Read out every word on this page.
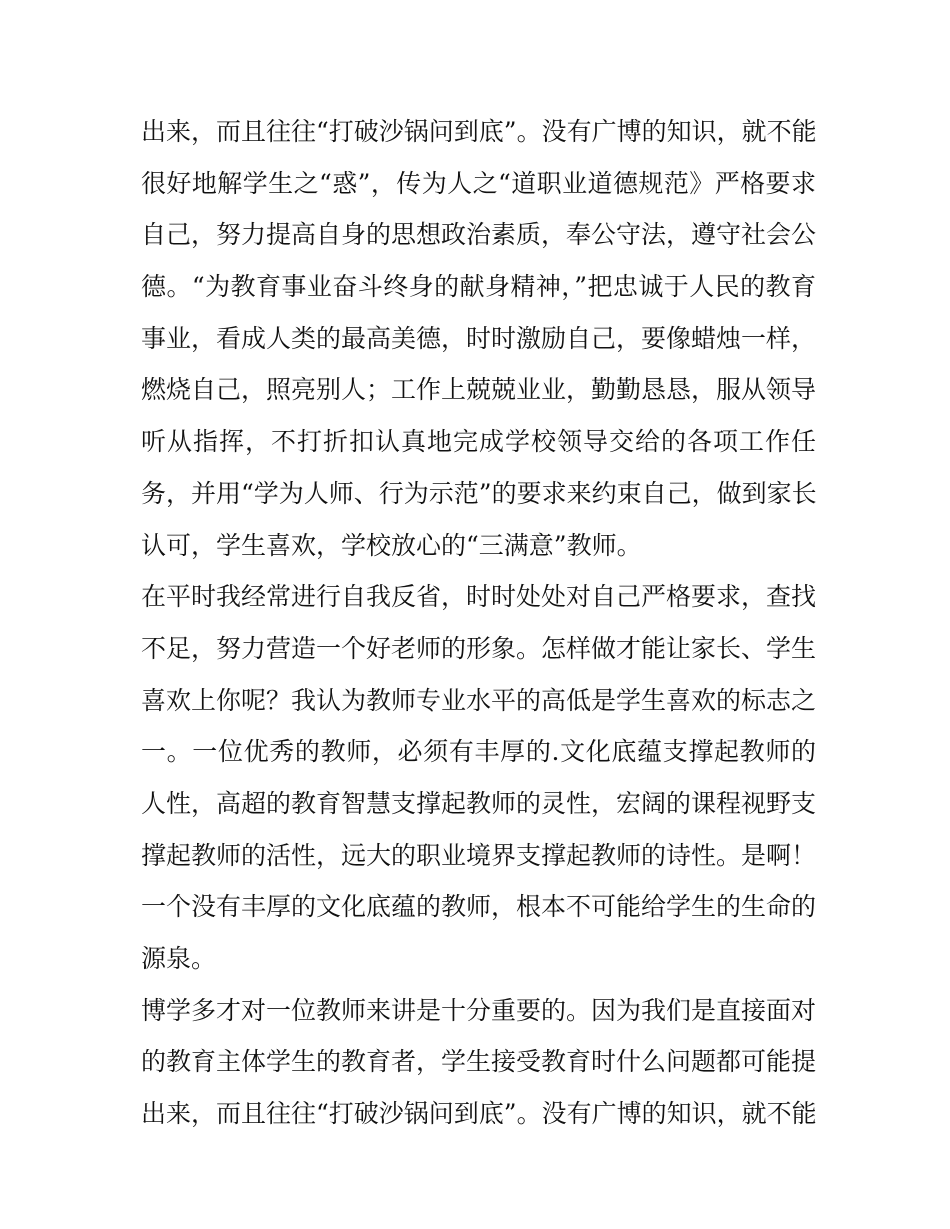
出来，而且往往“打破沙锅问到底”。没有广博的知识，就不能
很好地解学生之“惑”，传为人之“道职业道德规范》严格要求
自己，努力提高自身的思想政治素质，奉公守法，遵守社会公
德。“为教育事业奋斗终身的献身精神，”把忠诚于人民的教育
事业，看成人类的最高美德，时时激励自己，要像蜡烛一样，
燃烧自己，照亮别人；工作上兢兢业业，勤勤恳恳，服从领导
听从指挥，不打折扣认真地完成学校领导交给的各项工作任
务，并用“学为人师、行为示范”的要求来约束自己，做到家长
认可，学生喜欢，学校放心的“三满意”教师。
在平时我经常进行自我反省，时时处处对自己严格要求，查找
不足，努力营造一个好老师的形象。怎样做才能让家长、学生
喜欢上你呢？我认为教师专业水平的高低是学生喜欢的标志之
一。一位优秀的教师，必须有丰厚的.文化底蕴支撑起教师的
人性，高超的教育智慧支撑起教师的灵性，宏阔的课程视野支
撑起教师的活性，远大的职业境界支撑起教师的诗性。是啊！
一个没有丰厚的文化底蕴的教师，根本不可能给学生的生命的
源泉。
博学多才对一位教师来讲是十分重要的。因为我们是直接面对
的教育主体学生的教育者，学生接受教育时什么问题都可能提
出来，而且往往“打破沙锅问到底”。没有广博的知识，就不能
